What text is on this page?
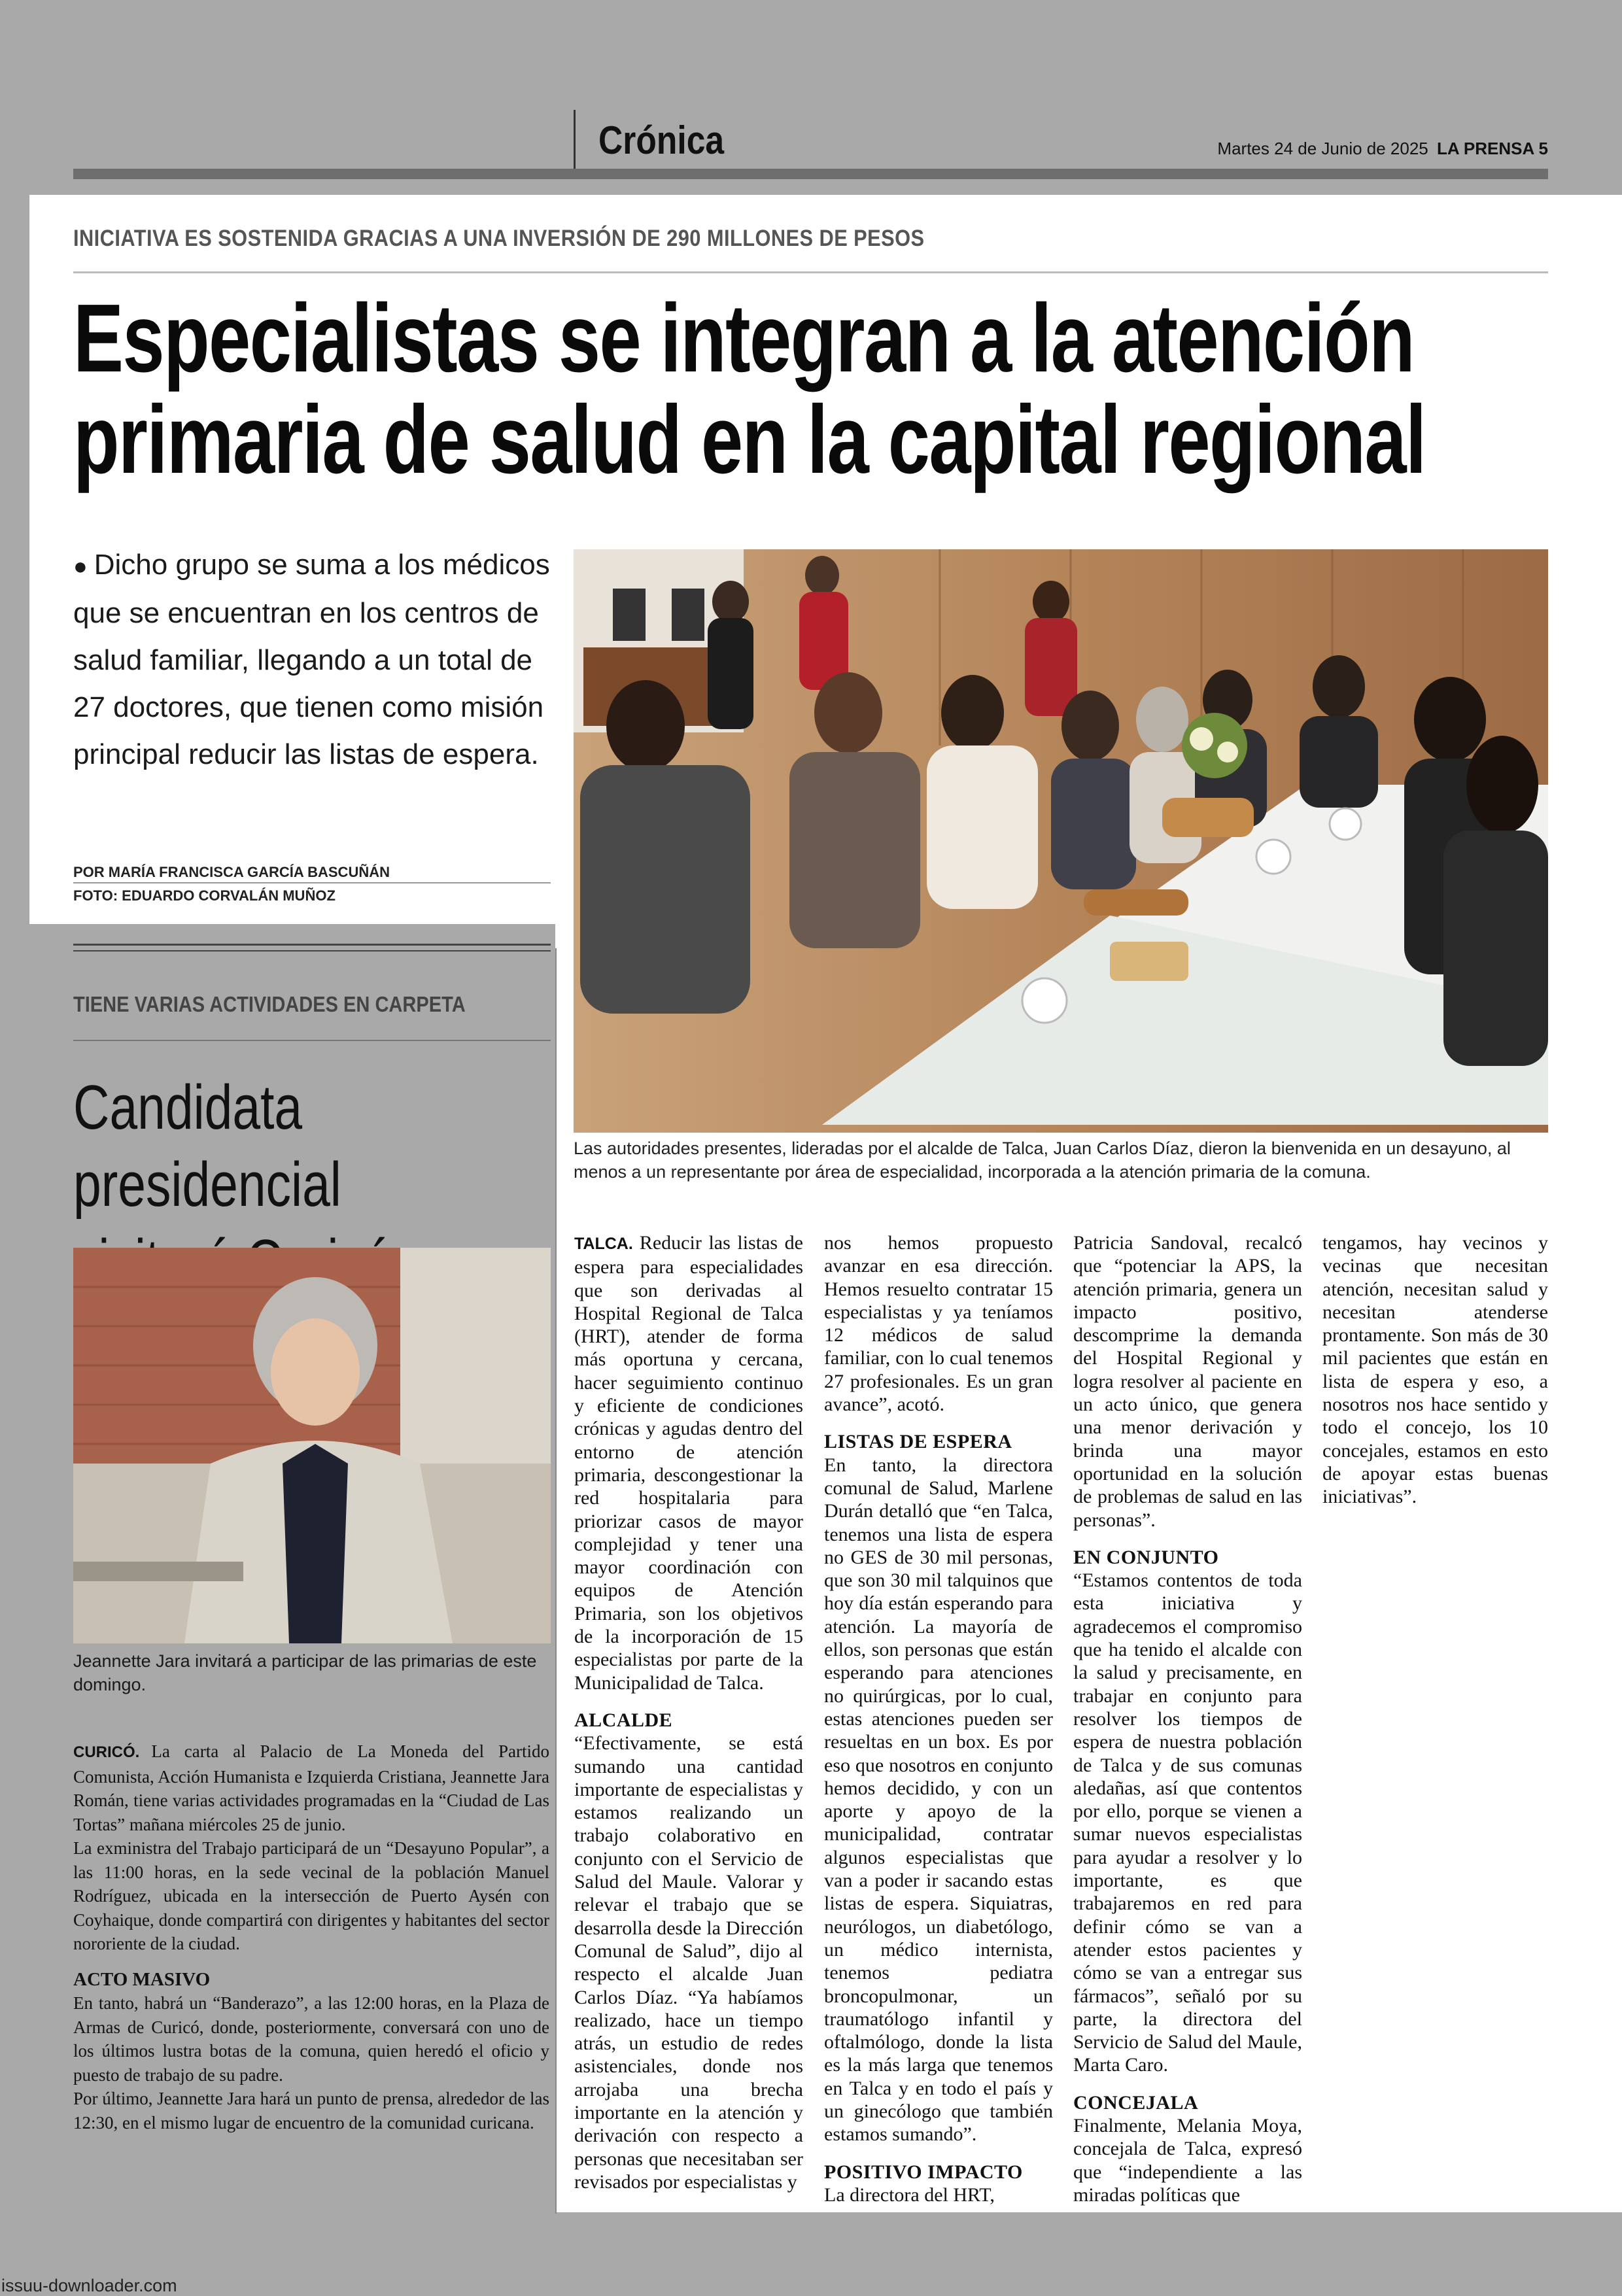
Crónica	Martes 24 de Junio de 2025 LA PRENSA 5
INICIATIVA ES SOSTENIDA GRACIAS A UNA INVERSIÓN DE 290 MILLONES DE PESOS
Especialistas se integran a la atención
primaria de salud en la capital regional
● Dicho grupo se suma a los médicos que se encuentran en los centros de salud familiar, llegando a un total de 27 doctores, que tienen como misión principal reducir las listas de espera.
POR MARÍA FRANCISCA GARCÍA BASCUÑÁN
FOTO: EDUARDO CORVALÁN MUÑOZ
Las autoridades presentes, lideradas por el alcalde de Talca, Juan Carlos Díaz, dieron la bienvenida en un desayuno, al menos a un representante por área de especialidad, incorporada a la atención primaria de la comuna.
TIENE VARIAS ACTIVIDADES EN CARPETA
Candidata presidencial
Jeannette Jara invitará a participar de las primarias de este domingo.

CURICÓ. La carta al Palacio de La Moneda del Partido Comunista, Acción Humanista e Izquierda Cristiana, Jeannette Jara Román, tiene varias actividades programadas en la “Ciudad de Las Tortas” mañana miércoles 25 de junio.

La exministra del Trabajo participará de un “Desayuno Popular”, a las 11:00 horas, en la sede vecinal de la población Manuel Rodríguez, ubicada en la intersección de Puerto Aysén con Coyhaique, donde compartirá con dirigentes y habitantes del sector nororiente de la ciudad.

ACTO MASIVO

En tanto, habrá un “Banderazo”, a las 12:00 horas, en la Plaza de Armas de Curicó, donde, posteriormente, conversará con uno de los últimos lustra botas de la comuna, quien heredó el oficio y puesto de trabajo de su padre.

Por último, Jeannette Jara hará un punto de prensa, alrededor de las 12:30, en el mismo lugar de encuentro de la comunidad curicana.

TALCA. Reducir las listas de espera para especialidades que son derivadas al Hospital Regional de Talca (HRT), atender de forma más oportuna y cercana, hacer seguimiento continuo y eficiente de condiciones crónicas y agudas dentro del entorno de atención primaria, descongestionar la red hospitalaria para priorizar casos de mayor complejidad y tener una mayor coordinación con equipos de Atención Primaria, son los objetivos de la incorporación de 15 especialistas por parte de la Municipalidad de Talca.

ALCALDE

“Efectivamente, se está sumando una cantidad importante de especialistas y estamos realizando un trabajo colaborativo en conjunto con el Servicio de Salud del Maule. Valorar y relevar el trabajo que se desarrolla desde la Dirección Comunal de Salud”, dijo al respecto el alcalde Juan Carlos Díaz. “Ya habíamos realizado, hace un tiempo atrás, un estudio de redes asistenciales, donde nos arrojaba una brecha importante en la atención y derivación con respecto a personas que necesitaban ser revisados por especialistas y

nos hemos propuesto avanzar en esa dirección. Hemos resuelto contratar 15 especialistas y ya teníamos 12 médicos de salud familiar, con lo cual tenemos 27 profesionales. Es un gran avance”, acotó.

LISTAS DE ESPERA

En tanto, la directora comunal de Salud, Marlene Durán detalló que “en Talca, tenemos una lista de espera no GES de 30 mil personas, que son 30 mil talquinos que hoy día están esperando para atención. La mayoría de ellos, son personas que están esperando para atenciones no quirúrgicas, por lo cual, estas atenciones pueden ser resueltas en un box. Es por eso que nosotros en conjunto hemos decidido, y con un aporte y apoyo de la municipalidad, contratar algunos especialistas que van a poder ir sacando estas listas de espera. Siquiatras, neurólogos, un diabetólogo, un médico internista, tenemos pediatra broncopulmonar, un traumatólogo infantil y oftalmólogo, donde la lista es la más larga que tenemos en Talca y en todo el país y un ginecólogo que también estamos sumando”.

POSITIVO IMPACTO

La directora del HRT,

Patricia Sandoval, recalcó que “potenciar la APS, la atención primaria, genera un impacto positivo, descomprime la demanda del Hospital Regional y logra resolver al paciente en un acto único, que genera una menor derivación y brinda una mayor oportunidad en la solución de problemas de salud en las personas”.

EN CONJUNTO

“Estamos contentos de toda esta iniciativa y agradecemos el compromiso que ha tenido el alcalde con la salud y precisamente, en trabajar en conjunto para resolver los tiempos de espera de nuestra población de Talca y de sus comunas aledañas, así que contentos por ello, porque se vienen a sumar nuevos especialistas para ayudar a resolver y lo importante, es que trabajaremos en red para definir cómo se van a atender estos pacientes y cómo se van a entregar sus fármacos”, señaló por su parte, la directora del Servicio de Salud del Maule, Marta Caro.

CONCEJALA

Finalmente, Melania Moya, concejala de Talca, expresó que “independiente a las miradas políticas que

tengamos, hay vecinos y vecinas que necesitan atención, necesitan salud y necesitan atenderse prontamente. Son más de 30 mil pacientes que están en lista de espera y eso, a nosotros nos hace sentido y todo el concejo, los 10 concejales, estamos en esto de apoyar estas buenas iniciativas”.

issuu-downloader.com
